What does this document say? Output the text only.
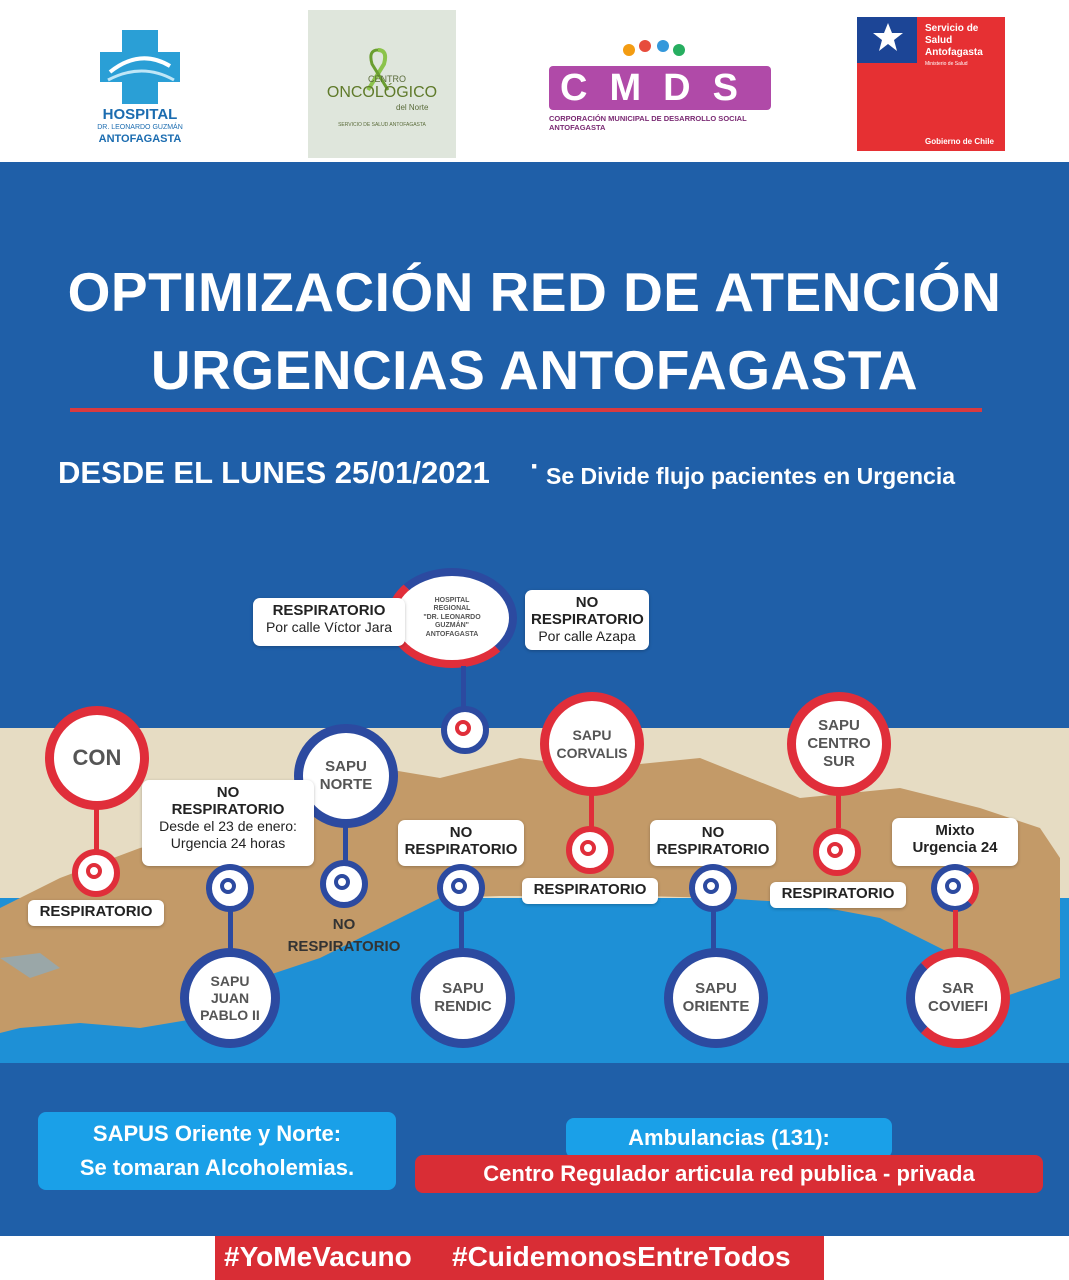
HOSPITAL
DR. LEONARDO GUZMÁN
ANTOFAGASTA
CENTRO
ONCOLÓGICO
del Norte
SERVICIO DE SALUD ANTOFAGASTA
CMDS
CORPORACIÓN MUNICIPAL DE DESARROLLO SOCIAL ANTOFAGASTA
Servicio de
Salud
Antofagasta
Ministerio de Salud
Gobierno de Chile
OPTIMIZACIÓN RED DE ATENCIÓN
URGENCIAS ANTOFAGASTA
DESDE EL LUNES 25/01/2021 · Se Divide flujo pacientes en Urgencia
HOSPITAL
REGIONAL
"DR. LEONARDO
GUZMÁN"
ANTOFAGASTA
RESPIRATORIO
Por calle Víctor Jara
NO
RESPIRATORIO
Por calle Azapa
CON
RESPIRATORIO
SAPU
NORTE
NO
RESPIRATORIO
NO
RESPIRATORIO
Desde el 23 de enero:
Urgencia 24 horas
SAPU
JUAN
PABLO II
NO
RESPIRATORIO
SAPU
RENDIC
SAPU
CORVALIS
RESPIRATORIO
NO
RESPIRATORIO
SAPU
ORIENTE
SAPU
CENTRO
SUR
RESPIRATORIO
Mixto
Urgencia 24
SAR
COVIEFI
SAPUS Oriente y Norte:
Se tomaran Alcoholemias.
Ambulancias (131):
Centro Regulador articula red publica - privada
#YoMeVacuno #CuidemonosEntreTodos
